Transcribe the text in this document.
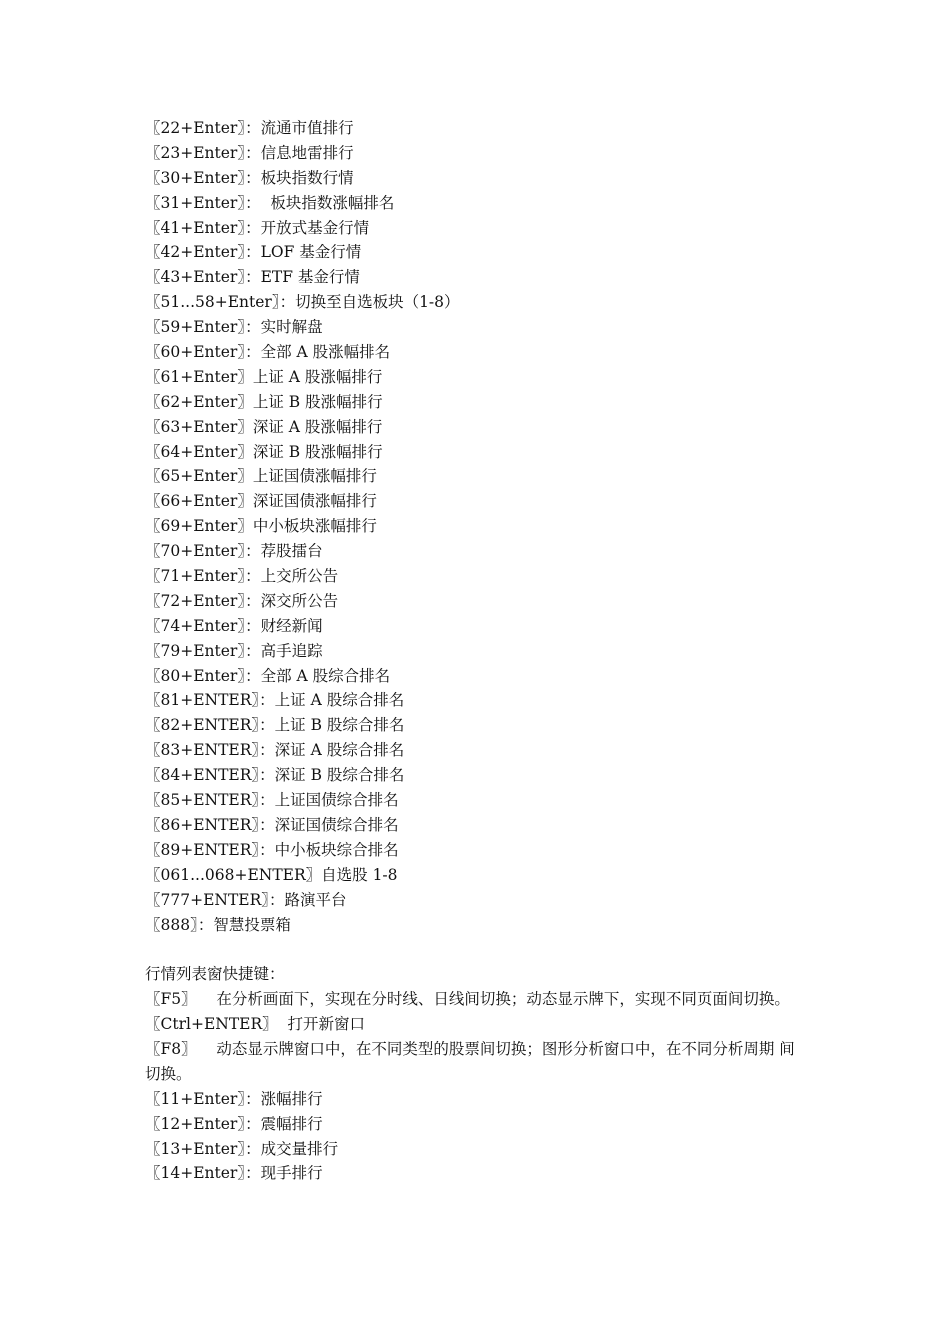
〖22+Enter〗：流通市值排行
〖23+Enter〗：信息地雷排行
〖30+Enter〗：板块指数行情
〖31+Enter〗：  板块指数涨幅排名
〖41+Enter〗：开放式基金行情
〖42+Enter〗：LOF 基金行情
〖43+Enter〗：ETF 基金行情
〖51...58+Enter〗：切换至自选板块（1-8）
〖59+Enter〗：实时解盘
〖60+Enter〗：全部 A 股涨幅排名
〖61+Enter〗上证 A 股涨幅排行
〖62+Enter〗上证 B 股涨幅排行
〖63+Enter〗深证 A 股涨幅排行
〖64+Enter〗深证 B 股涨幅排行
〖65+Enter〗上证国债涨幅排行
〖66+Enter〗深证国债涨幅排行
〖69+Enter〗中小板块涨幅排行
〖70+Enter〗：荐股擂台
〖71+Enter〗：上交所公告
〖72+Enter〗：深交所公告
〖74+Enter〗：财经新闻
〖79+Enter〗：高手追踪
〖80+Enter〗：全部 A 股综合排名
〖81+ENTER〗：上证 A 股综合排名
〖82+ENTER〗：上证 B 股综合排名
〖83+ENTER〗：深证 A 股综合排名
〖84+ENTER〗：深证 B 股综合排名
〖85+ENTER〗：上证国债综合排名
〖86+ENTER〗：深证国债综合排名
〖89+ENTER〗：中小板块综合排名
〖061...068+ENTER〗自选股 1-8
〖777+ENTER〗：路演平台
〖888〗：智慧投票箱
行情列表窗快捷键：
〖F5〗    在分析画面下，实现在分时线、日线间切换；动态显示牌下，实现不同页面间切换。
〖Ctrl+ENTER〗  打开新窗口
〖F8〗    动态显示牌窗口中，在不同类型的股票间切换；图形分析窗口中，在不同分析周期 间切换。
〖11+Enter〗：涨幅排行
〖12+Enter〗：震幅排行
〖13+Enter〗：成交量排行
〖14+Enter〗：现手排行
